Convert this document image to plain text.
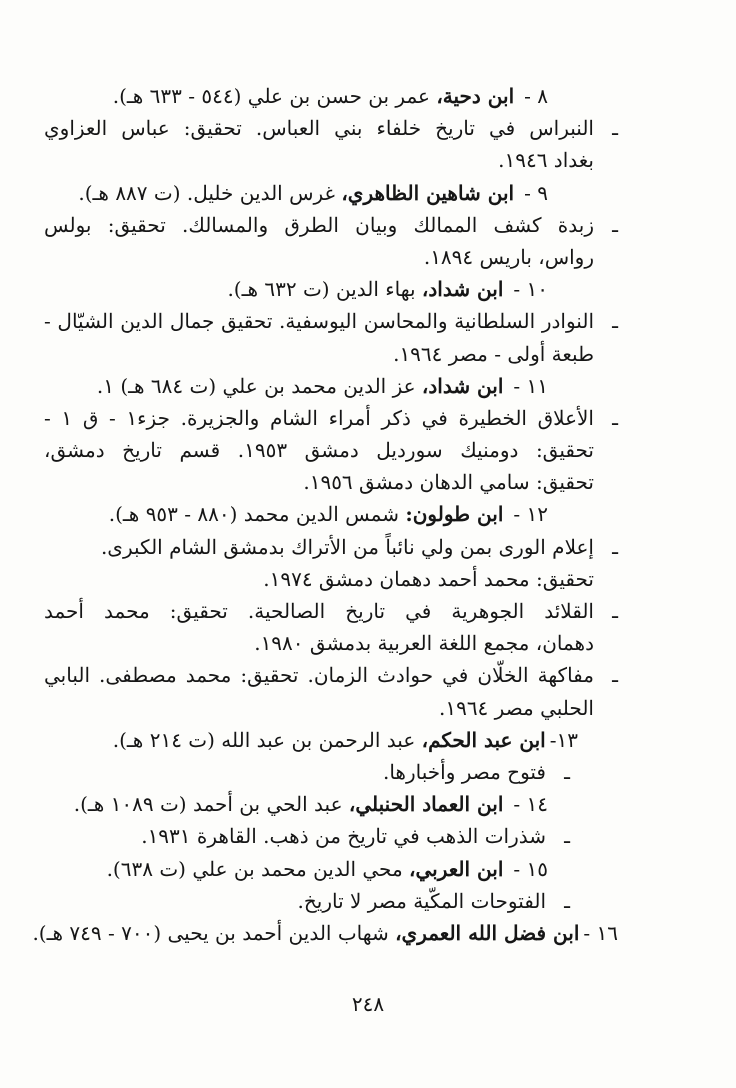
٨ -ابن دحية، عمر بن حسن بن علي (٥٤٤ - ٦٣٣ هـ).
ـالنبراس في تاريخ خلفاء بني العباس. تحقيق: عباس العزاوي
بغداد ١٩٤٦.
٩ -ابن شاهين الظاهري، غرس الدين خليل. (ت ٨٨٧ هـ).
ـزبدة كشف الممالك وبيان الطرق والمسالك. تحقيق: بولس
رواس، باريس ١٨٩٤.
١٠ -ابن شداد، بهاء الدين (ت ٦٣٢ هـ).
ـالنوادر السلطانية والمحاسن اليوسفية. تحقيق جمال الدين الشيّال -
طبعة أولى - مصر ١٩٦٤.
١١ -ابن شداد، عز الدين محمد بن علي (ت ٦٨٤ هـ) ١.
ـالأعلاق الخطيرة في ذكر أمراء الشام والجزيرة. جزء١ - ق ١ -
تحقيق: دومنيك سورديل دمشق ١٩٥٣. قسم تاريخ دمشق،
تحقيق: سامي الدهان دمشق ١٩٥٦.
١٢ -ابن طولون: شمس الدين محمد (٨٨٠ - ٩٥٣ هـ).
ـإعلام الورى بمن ولي نائباً من الأتراك بدمشق الشام الكبرى.
تحقيق: محمد أحمد دهمان دمشق ١٩٧٤.
ـالقلائد الجوهرية في تاريخ الصالحية. تحقيق: محمد أحمد
دهمان، مجمع اللغة العربية بدمشق ١٩٨٠.
ـمفاكهة الخلّان في حوادث الزمان. تحقيق: محمد مصطفى. البابي
الحلبي مصر ١٩٦٤.
١٣-ابن عبد الحكم، عبد الرحمن بن عبد الله (ت ٢١٤ هـ).
ـفتوح مصر وأخبارها.
١٤ -ابن العماد الحنبلي، عبد الحي بن أحمد (ت ١٠٨٩ هـ).
ـشذرات الذهب في تاريخ من ذهب. القاهرة ١٩٣١.
١٥ -ابن العربي، محي الدين محمد بن علي (ت ٦٣٨).
ـالفتوحات المكّية مصر لا تاريخ.
١٦ -ابن فضل الله العمري، شهاب الدين أحمد بن يحيى (٧٠٠ - ٧٤٩ هـ).
٢٤٨
